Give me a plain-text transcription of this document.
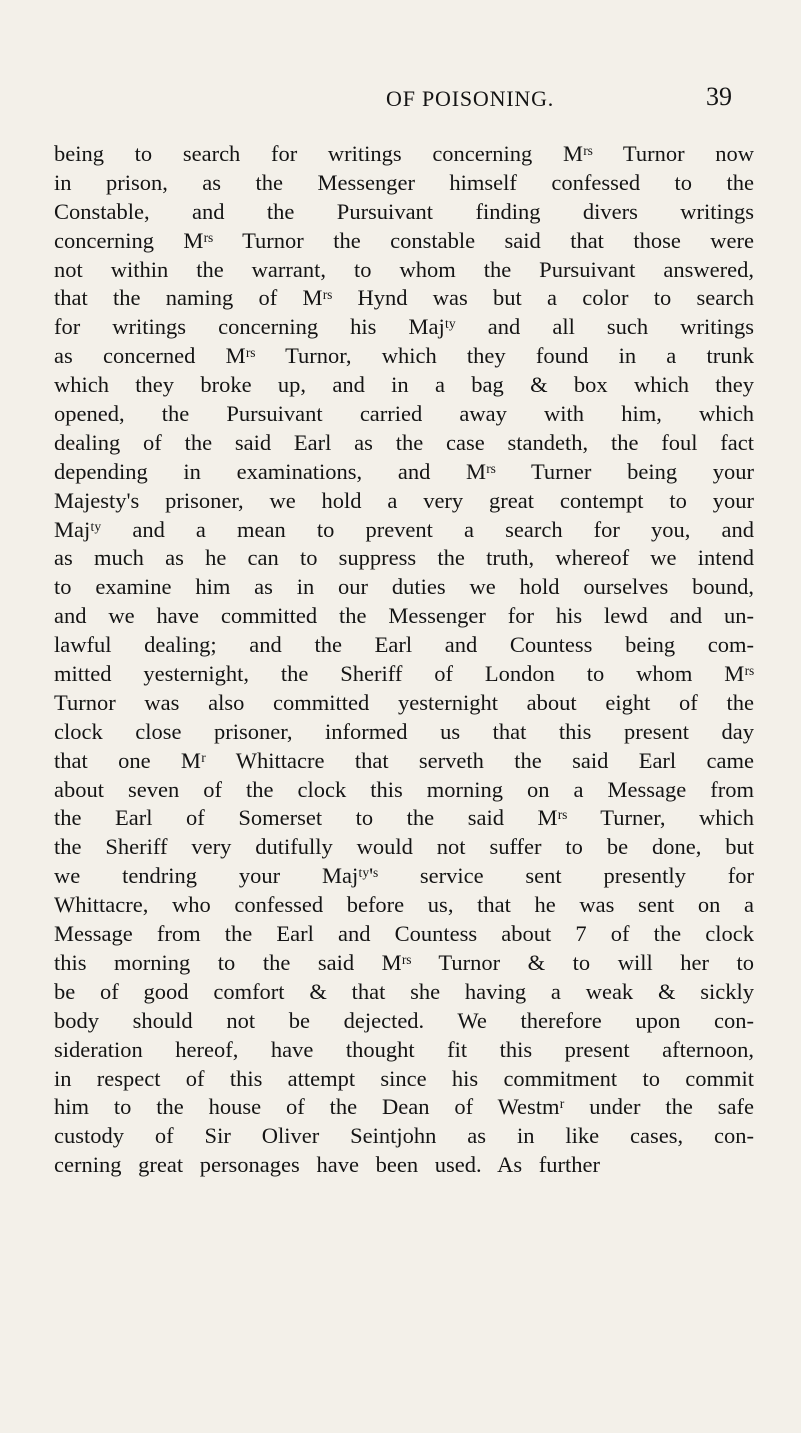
OF POISONING.	39
being to search for writings concerning Mʳˢ Turnor now
in prison, as the Messenger himself confessed to the
Constable, and the Pursuivant finding divers writings
concerning Mʳˢ Turnor the constable said that those were
not within the warrant, to whom the Pursuivant answered,
that the naming of Mʳˢ Hynd was but a color to search
for writings concerning his Majᵗʸ and all such writings
as concerned Mʳˢ Turnor, which they found in a trunk
which they broke up, and in a bag & box which they
opened, the Pursuivant carried away with him, which
dealing of the said Earl as the case standeth, the foul fact
depending in examinations, and Mʳˢ Turner being your
Majesty's prisoner, we hold a very great contempt to your
Majᵗʸ and a mean to prevent a search for you, and
as much as he can to suppress the truth, whereof we intend
to examine him as in our duties we hold ourselves bound,
and we have committed the Messenger for his lewd and un-
lawful dealing; and the Earl and Countess being com-
mitted yesternight, the Sheriff of London to whom Mʳˢ
Turnor was also committed yesternight about eight of the
clock close prisoner, informed us that this present day
that one Mʳ Whittacre that serveth the said Earl came
about seven of the clock this morning on a Message from
the Earl of Somerset to the said Mʳˢ Turner, which
the Sheriff very dutifully would not suffer to be done, but
we tendring your Majᵗʸ'ˢ service sent presently for
Whittacre, who confessed before us, that he was sent on a
Message from the Earl and Countess about 7 of the clock
this morning to the said Mʳˢ Turnor & to will her to
be of good comfort & that she having a weak & sickly
body should not be dejected. We therefore upon con-
sideration hereof, have thought fit this present afternoon,
in respect of this attempt since his commitment to commit
him to the house of the Dean of Westmʳ under the safe
custody of Sir Oliver Seintjohn as in like cases, con-
cerning great personages have been used. As further
